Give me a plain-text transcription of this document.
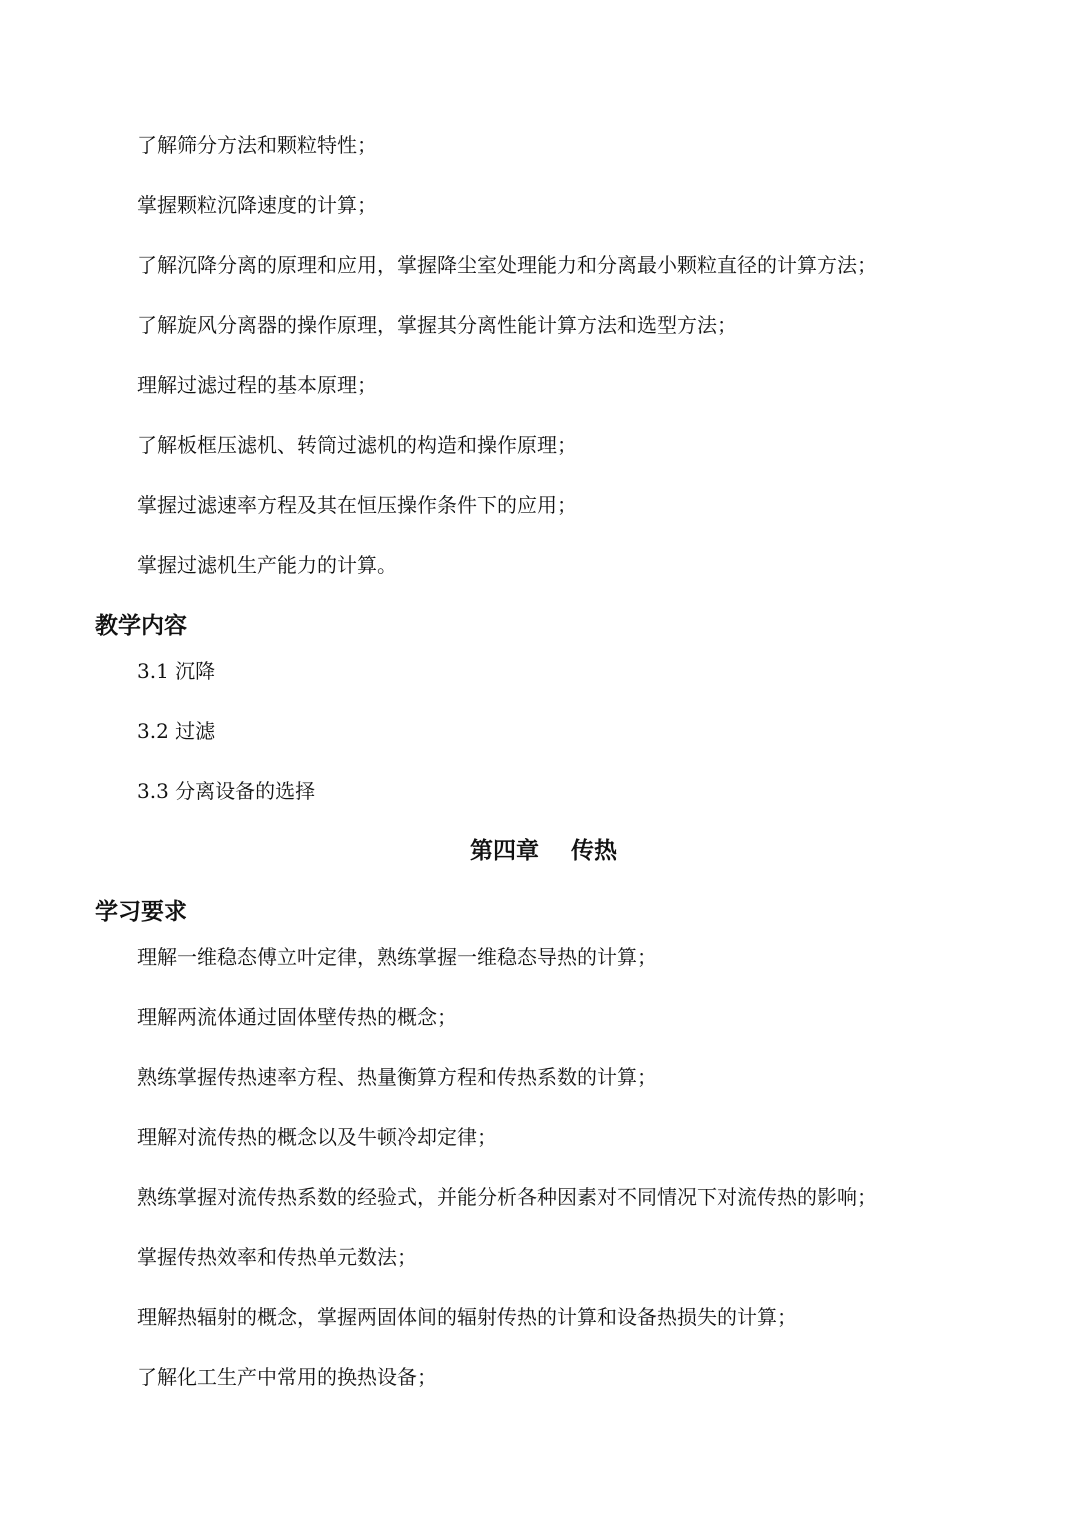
了解筛分方法和颗粒特性；
掌握颗粒沉降速度的计算；
了解沉降分离的原理和应用，掌握降尘室处理能力和分离最小颗粒直径的计算方法；
了解旋风分离器的操作原理，掌握其分离性能计算方法和选型方法；
理解过滤过程的基本原理；
了解板框压滤机、转筒过滤机的构造和操作原理；
掌握过滤速率方程及其在恒压操作条件下的应用；
掌握过滤机生产能力的计算。
教学内容
3.1 沉降
3.2 过滤
3.3 分离设备的选择
第四章    传热
学习要求
理解一维稳态傅立叶定律，熟练掌握一维稳态导热的计算；
理解两流体通过固体壁传热的概念；
熟练掌握传热速率方程、热量衡算方程和传热系数的计算；
理解对流传热的概念以及牛顿冷却定律；
熟练掌握对流传热系数的经验式，并能分析各种因素对不同情况下对流传热的影响；
掌握传热效率和传热单元数法；
理解热辐射的概念，掌握两固体间的辐射传热的计算和设备热损失的计算；
了解化工生产中常用的换热设备；
